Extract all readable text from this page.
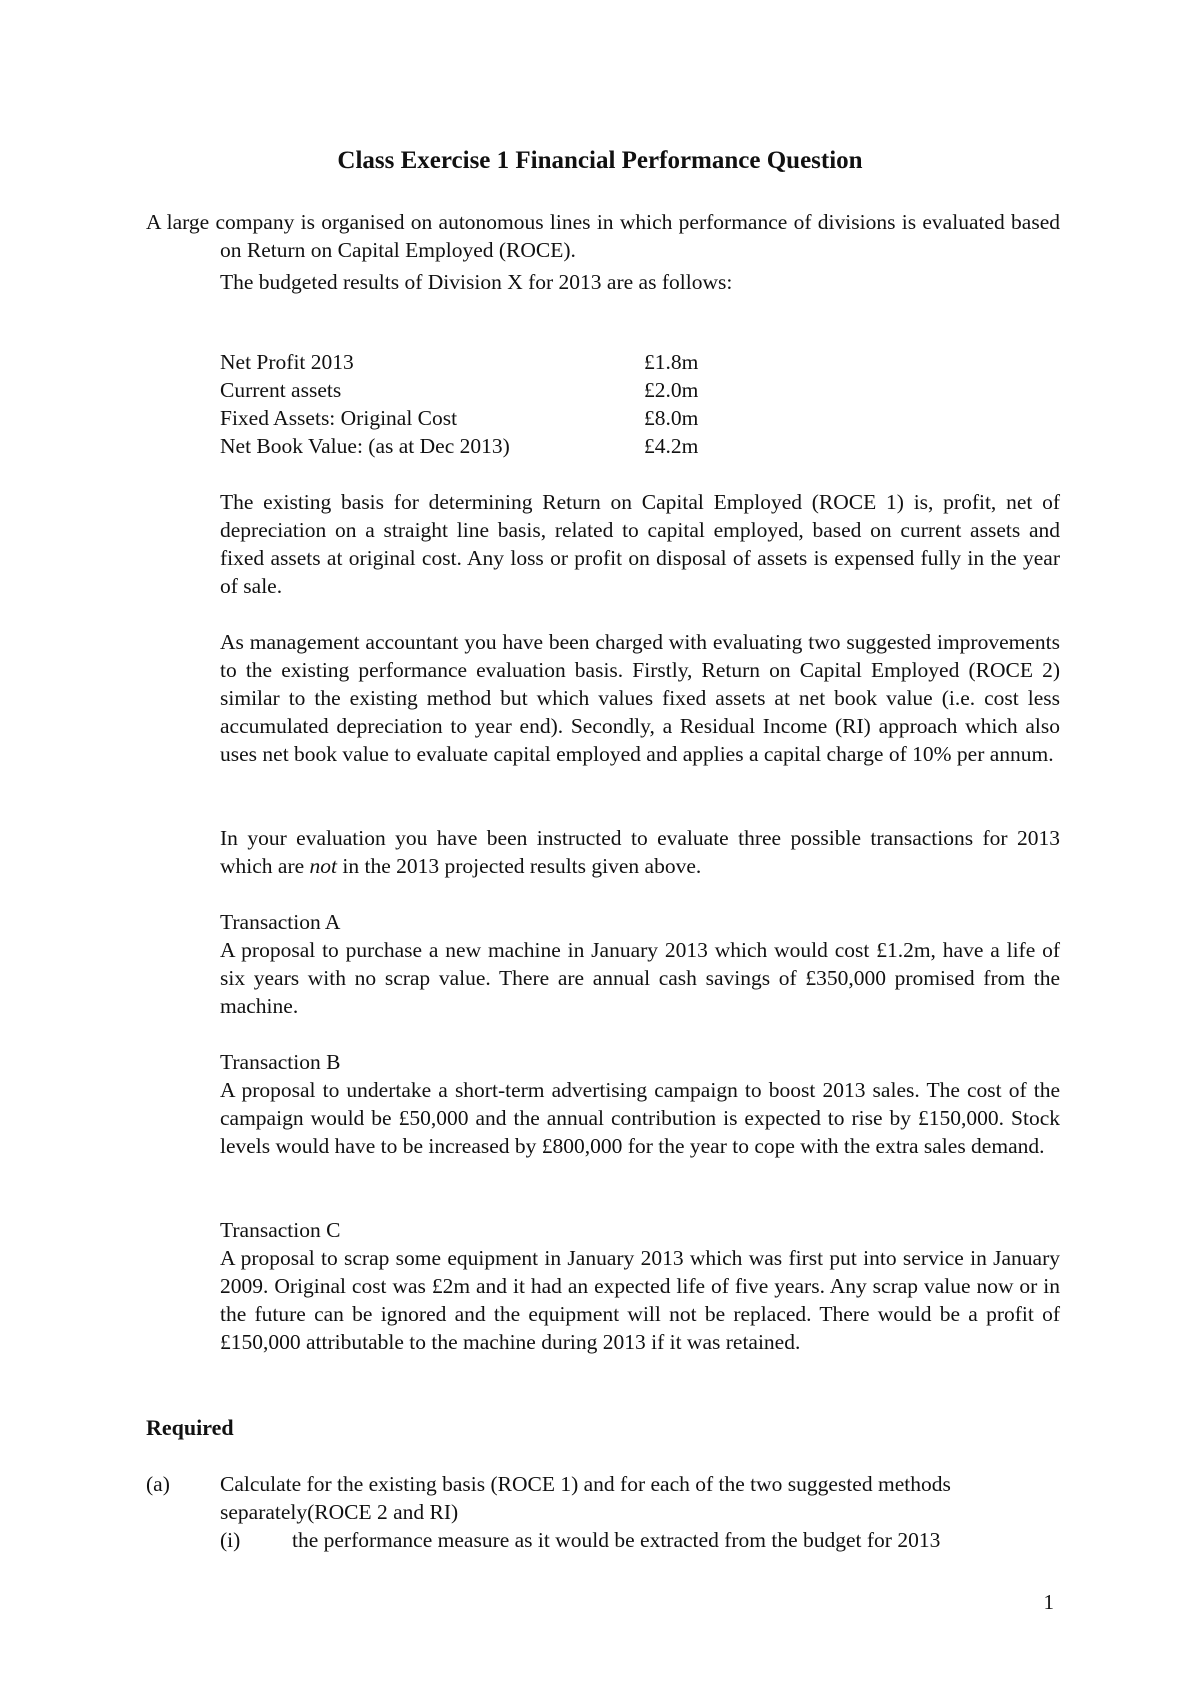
Class Exercise 1 Financial Performance Question

A large company is organised on autonomous lines in which performance of divisions is evaluated based on Return on Capital Employed (ROCE).

The budgeted results of Division X for 2013 are as follows:

Net Profit 2013	£1.8m
Current assets	£2.0m
Fixed Assets: Original Cost	£8.0m
Net Book Value: (as at Dec 2013)	£4.2m

The existing basis for determining Return on Capital Employed (ROCE 1) is, profit, net of depreciation on a straight line basis, related to capital employed, based on current assets and fixed assets at original cost. Any loss or profit on disposal of assets is expensed fully in the year of sale.

As management accountant you have been charged with evaluating two suggested improvements to the existing performance evaluation basis. Firstly, Return on Capital Employed (ROCE 2) similar to the existing method but which values fixed assets at net book value (i.e. cost less accumulated depreciation to year end). Secondly, a Residual Income (RI) approach which also uses net book value to evaluate capital employed and applies a capital charge of 10% per annum.

In your evaluation you have been instructed to evaluate three possible transactions for 2013 which are not in the 2013 projected results given above.

Transaction A
A proposal to purchase a new machine in January 2013 which would cost £1.2m, have a life of six years with no scrap value. There are annual cash savings of £350,000 promised from the machine.

Transaction B
A proposal to undertake a short-term advertising campaign to boost 2013 sales. The cost of the campaign would be £50,000 and the annual contribution is expected to rise by £150,000. Stock levels would have to be increased by £800,000 for the year to cope with the extra sales demand.

Transaction C
A proposal to scrap some equipment in January 2013 which was first put into service in January 2009. Original cost was £2m and it had an expected life of five years. Any scrap value now or in the future can be ignored and the equipment will not be replaced. There would be a profit of £150,000 attributable to the machine during 2013 if it was retained.

Required
(a) Calculate for the existing basis (ROCE 1) and for each of the two suggested methods separately(ROCE 2 and RI)
(i) the performance measure as it would be extracted from the budget for 2013
1
